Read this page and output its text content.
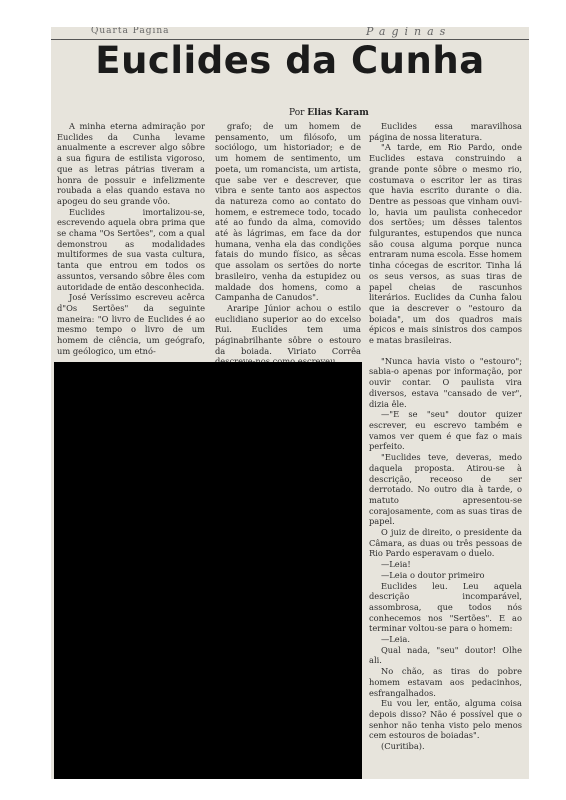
Quarta Página	Paginas
Euclides da Cunha
Por Elias Karam

A minha eterna admiração por Euclides da Cunha levame anualmente a escrever algo sôbre a sua figura de estilista vigoroso, que as letras pátrias tiveram a honra de possuir e infelizmente roubada a elas quando estava no apogeu do seu grande vôo.

Euclides imortalizou-se, escrevendo aquela obra prima que se chama "Os Sertões", com a qual demonstrou as modalidades multiformes de sua vasta cultura, tanta que entrou em todos os assuntos, versando sôbre êles com autoridade de então desconhecida.

José Veríssimo escreveu acêrca d"Os Sertões" da seguinte maneira: "O livro de Euclides é ao mesmo tempo o livro de um homem de ciência, um geógrafo, um geólogico, um etnó-

grafo; de um homem de pensamento, um filósofo, um sociólogo, um historiador; e de um homem de sentimento, um poeta, um romancista, um artista, que sabe ver e descrever, que vibra e sente tanto aos aspectos da natureza como ao contato do homem, e estremece todo, tocado até ao fundo da alma, comovido até às lágrimas, em face da dor humana, venha ela das condições fatais do mundo físico, as sêcas que assolam os sertões do norte brasileiro, venha da estupidez ou maldade dos homens, como a Campanha de Canudos".

Araripe Júnior achou o estilo euclidiano superior ao do excelso Rui. Euclides tem uma páginabrilhante sôbre o estouro da boiada. Viriato Corrêa

Euclides essa maravilhosa página de nossa literatura.

"A tarde, em Rio Pardo, onde Euclides estava construindo a grande ponte sôbre o mesmo rio, costumava o escritor ler as tiras que havia escrito durante o dia. Dentre as pessoas que vinham ouvi-lo, havia um paulista conhecedor dos sertões; um dêsses talentos fulgurantes, estupendos que nunca são cousa alguma porque nunca entraram numa escola. Esse homem tinha cócegas de escritor. Tinha lá os seus versos, as suas tiras de papel cheias de rascunhos literários. Euclides da Cunha falou que ia descrever o "estouro da boiada", um dos quadros mais épicos e mais sinistros dos campos e matas brasileiras.

"Nunca havia visto o "estouro"; sabia-o apenas por informação, por ouvir contar. O paulista vira diversos, estava "cansado de ver", dizia êle.

—"E se "seu" doutor quizer escrever, eu escrevo também e vamos ver quem é que faz o mais perfeito.

"Euclides teve, deveras, medo daquela proposta. Atirou-se à descrição, receoso de ser derrotado. No outro dia à tarde, o matuto apresentou-se corajosamente, com as suas tiras de papel.

O juiz de direito, o presidente da Câmara, as duas ou três pessoas de Rio Pardo esperavam o duelo.

—Leia!

—Leia o doutor primeiro

Euclides leu. Leu aquela descrição incomparável, assombrosa, que todos nós conhecemos nos "Sertões". E ao terminar voltou-se para o homem:

—Leia.

Qual nada, "seu" doutor! Olhe ali.

No chão, as tiras do pobre homem estavam aos pedacinhos, esfrangalhados.

Eu vou ler, então, alguma coisa depois disso? Não é possível que o senhor não tenha visto pelo menos cem estouros de boiadas".

(Curitiba).
